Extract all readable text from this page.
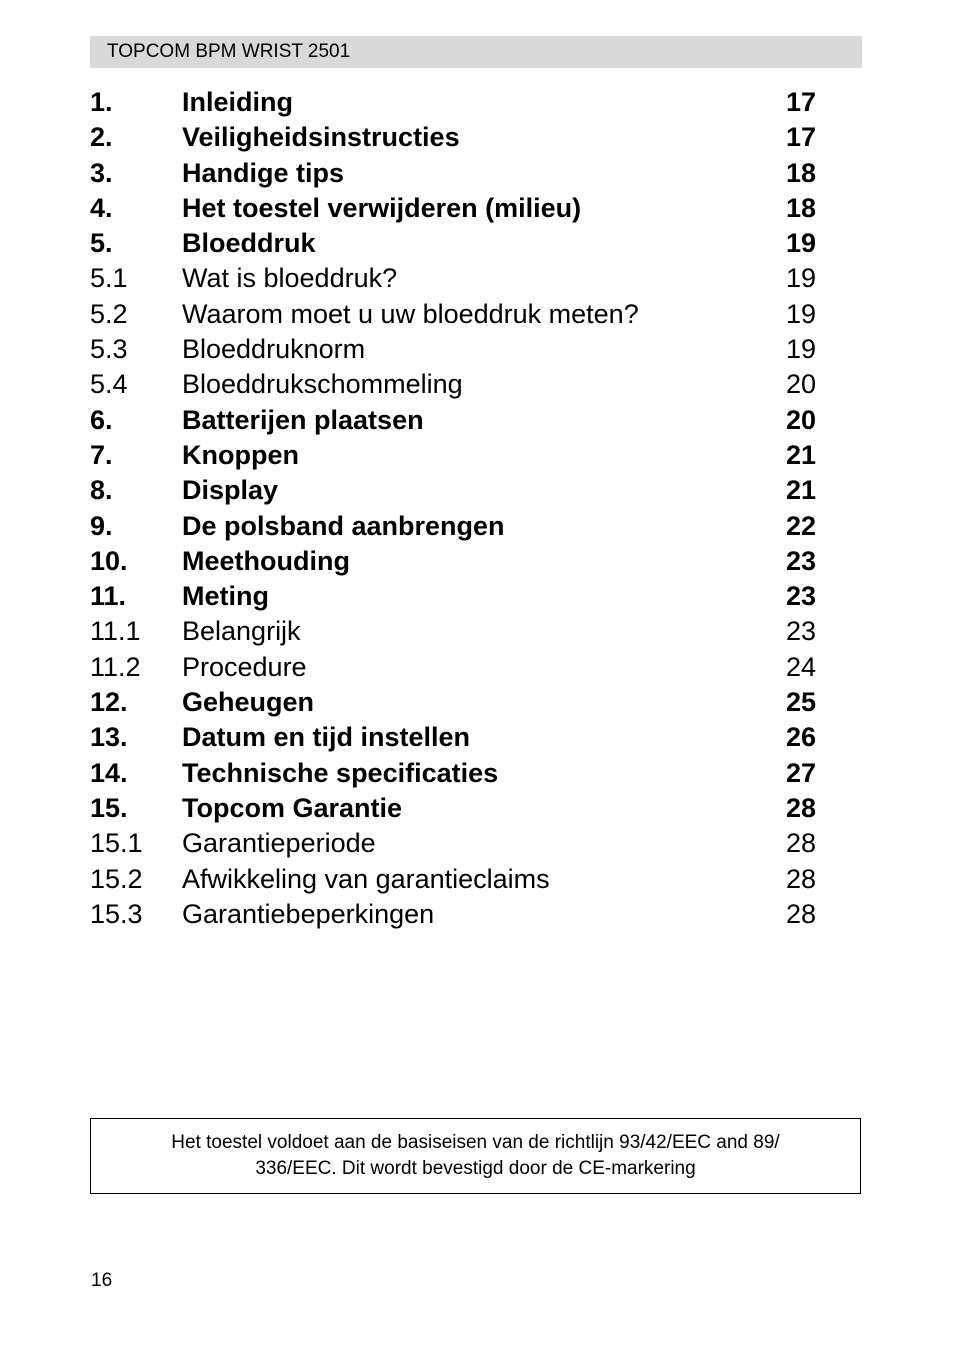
TOPCOM BPM WRIST 2501
1.	Inleiding	17
2.	Veiligheidsinstructies	17
3.	Handige tips	18
4.	Het toestel verwijderen (milieu)	18
5.	Bloeddruk	19
5.1 Wat is bloeddruk?	19
5.2 Waarom moet u uw bloeddruk meten?	19
5.3 Bloeddruknorm	19
5.4 Bloeddrukschommeling	20
6.	Batterijen plaatsen	20
7.	Knoppen	21
8.	Display	21
9.	De polsband aanbrengen	22
10. Meethouding	23
11. Meting	23
11.1 Belangrijk	23
11.2 Procedure	24
12. Geheugen	25
13. Datum en tijd instellen	26
14. Technische specificaties	27
15. Topcom Garantie	28
15.1 Garantieperiode	28
15.2 Afwikkeling van garantieclaims	28
15.3 Garantiebeperkingen	28
Het toestel voldoet aan de basiseisen van de richtlijn 93/42/EEC and 89/
336/EEC. Dit wordt bevestigd door de CE-markering
16
